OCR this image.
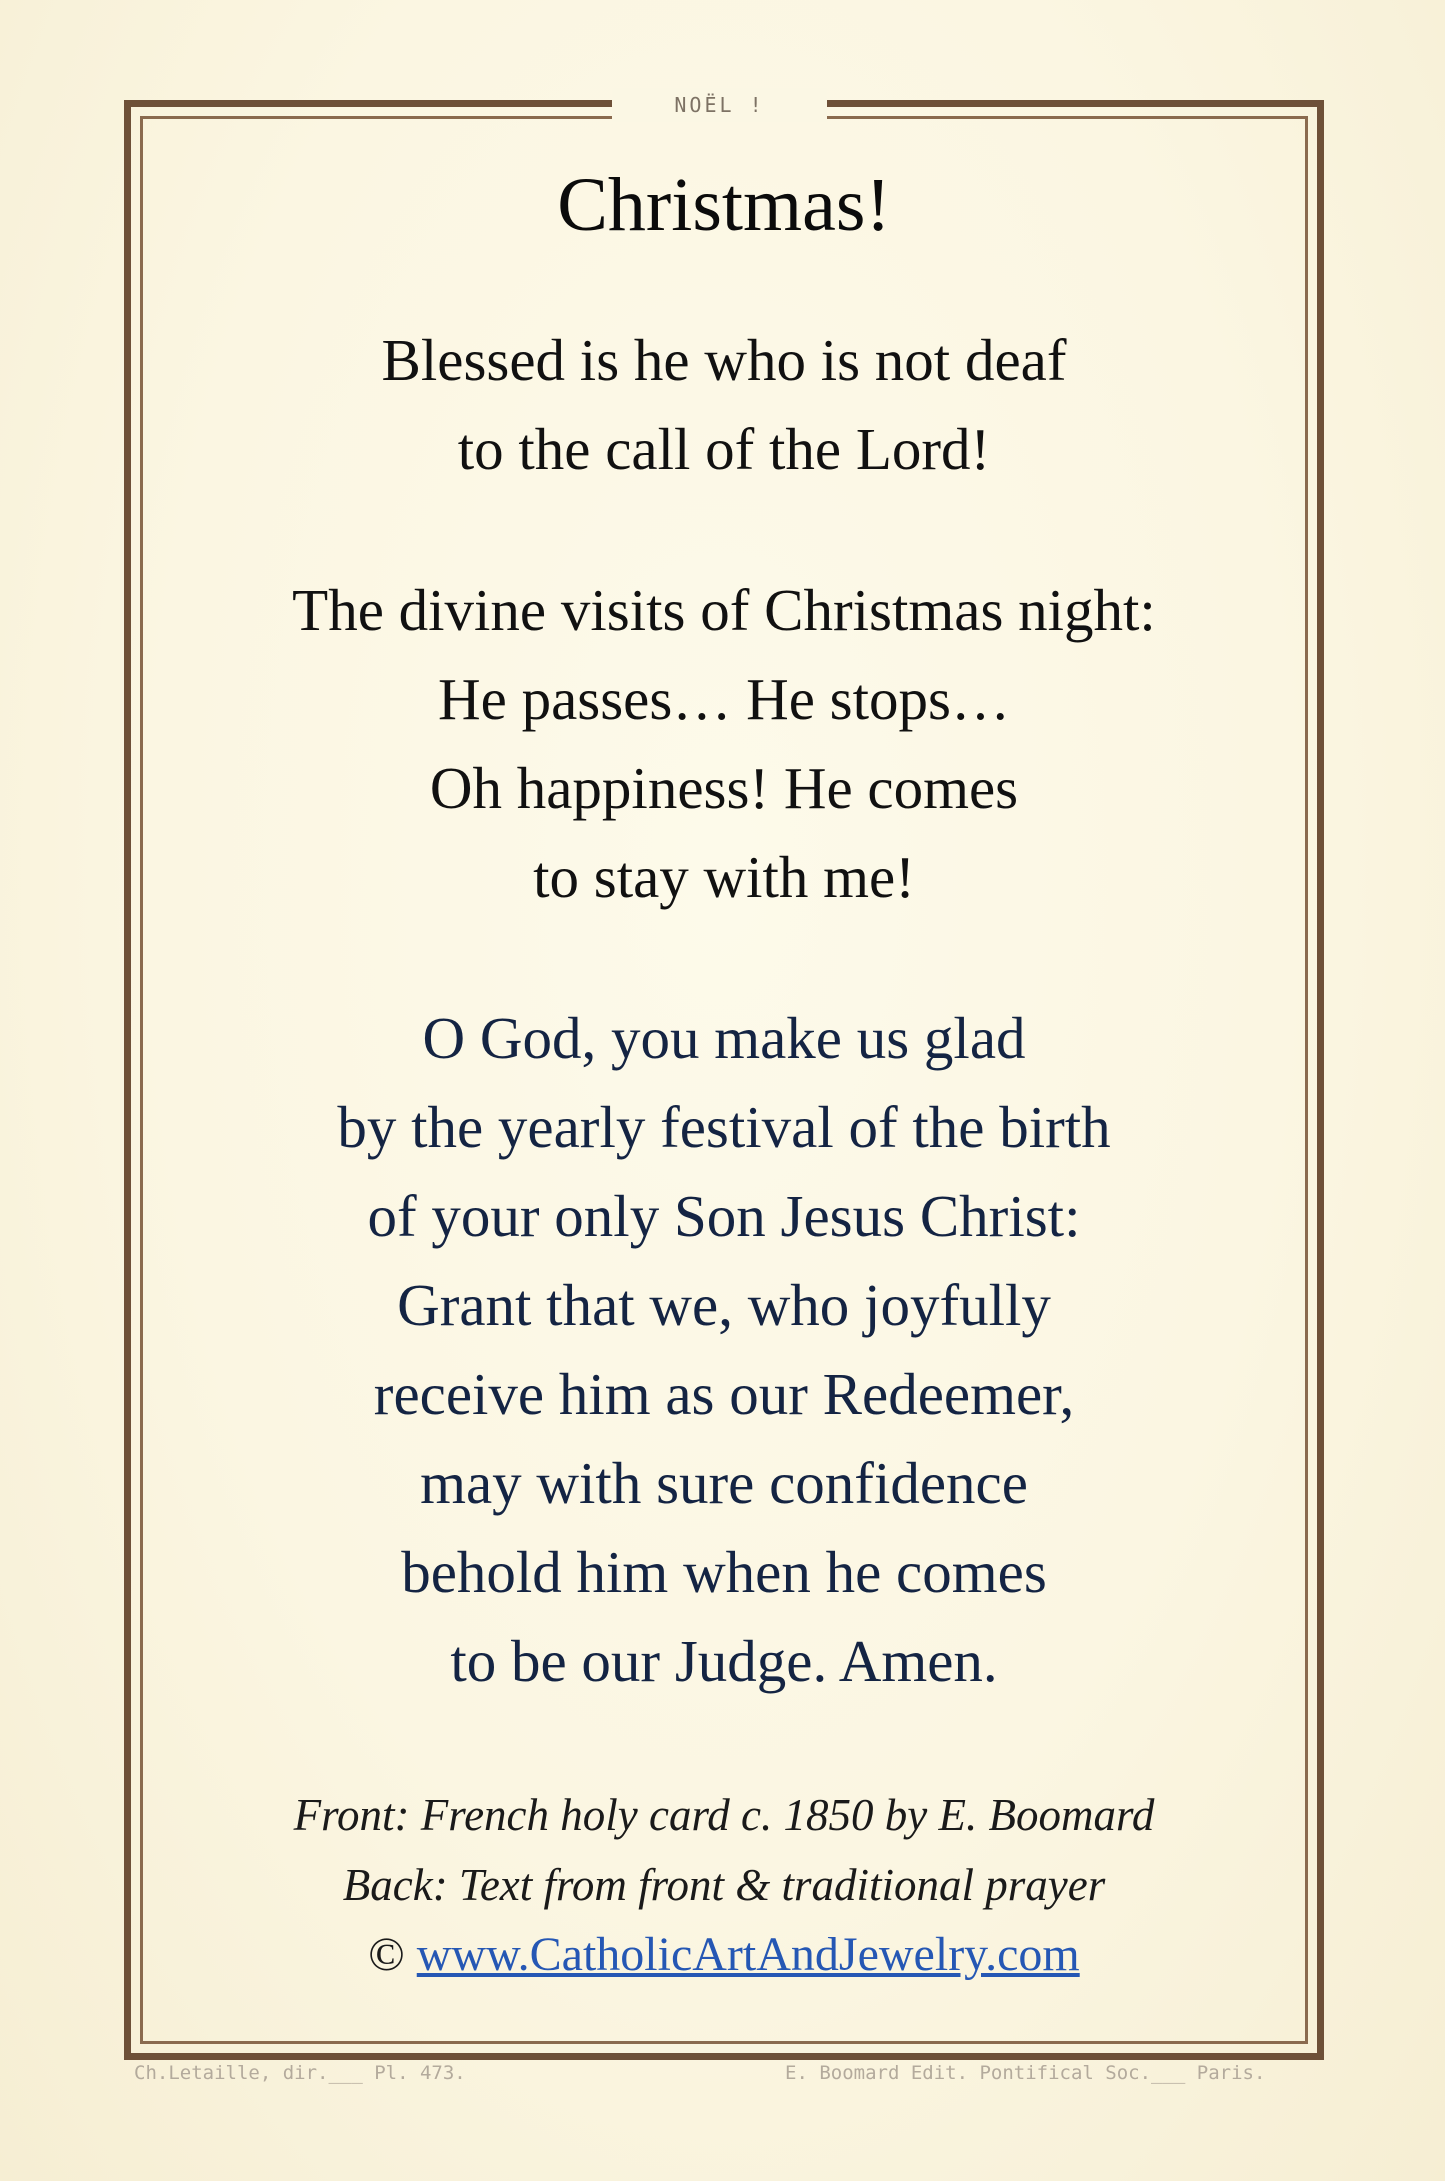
NOËL !
Christmas!
Blessed is he who is not deaf
to the call of the Lord!
The divine visits of Christmas night:
He passes… He stops…
Oh happiness! He comes
to stay with me!
O God, you make us glad
by the yearly festival of the birth
of your only Son Jesus Christ:
Grant that we, who joyfully
receive him as our Redeemer,
may with sure confidence
behold him when he comes
to be our Judge. Amen.
Front: French holy card c. 1850 by E. Boomard
Back: Text from front & traditional prayer
© www.CatholicArtAndJewelry.com
Ch.Letaille, dir.___ Pl. 473.	E. Boomard Edit. Pontifical Soc.___ Paris.
